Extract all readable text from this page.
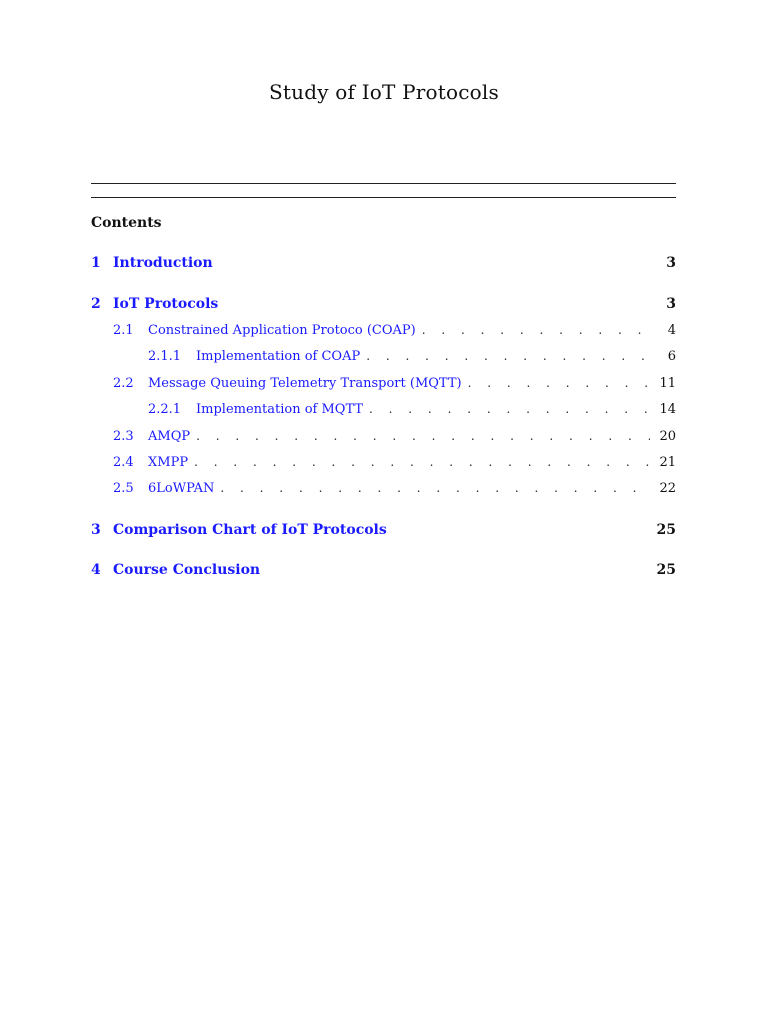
Study of IoT Protocols
Contents
1 Introduction	3
2 IoT Protocols	3
2.1	Constrained Application Protoco (COAP) . . .	4
2.1.1	Implementation of COAP . . .	6
2.2	Message Queuing Telemetry Transport (MQTT) . . .	11
2.2.1	Implementation of MQTT . . .	14
2.3	AMQP . . .	20
2.4	XMPP . . .	21
2.5	6LoWPAN . . .	22
3 Comparison Chart of IoT Protocols	25
4 Course Conclusion	25
